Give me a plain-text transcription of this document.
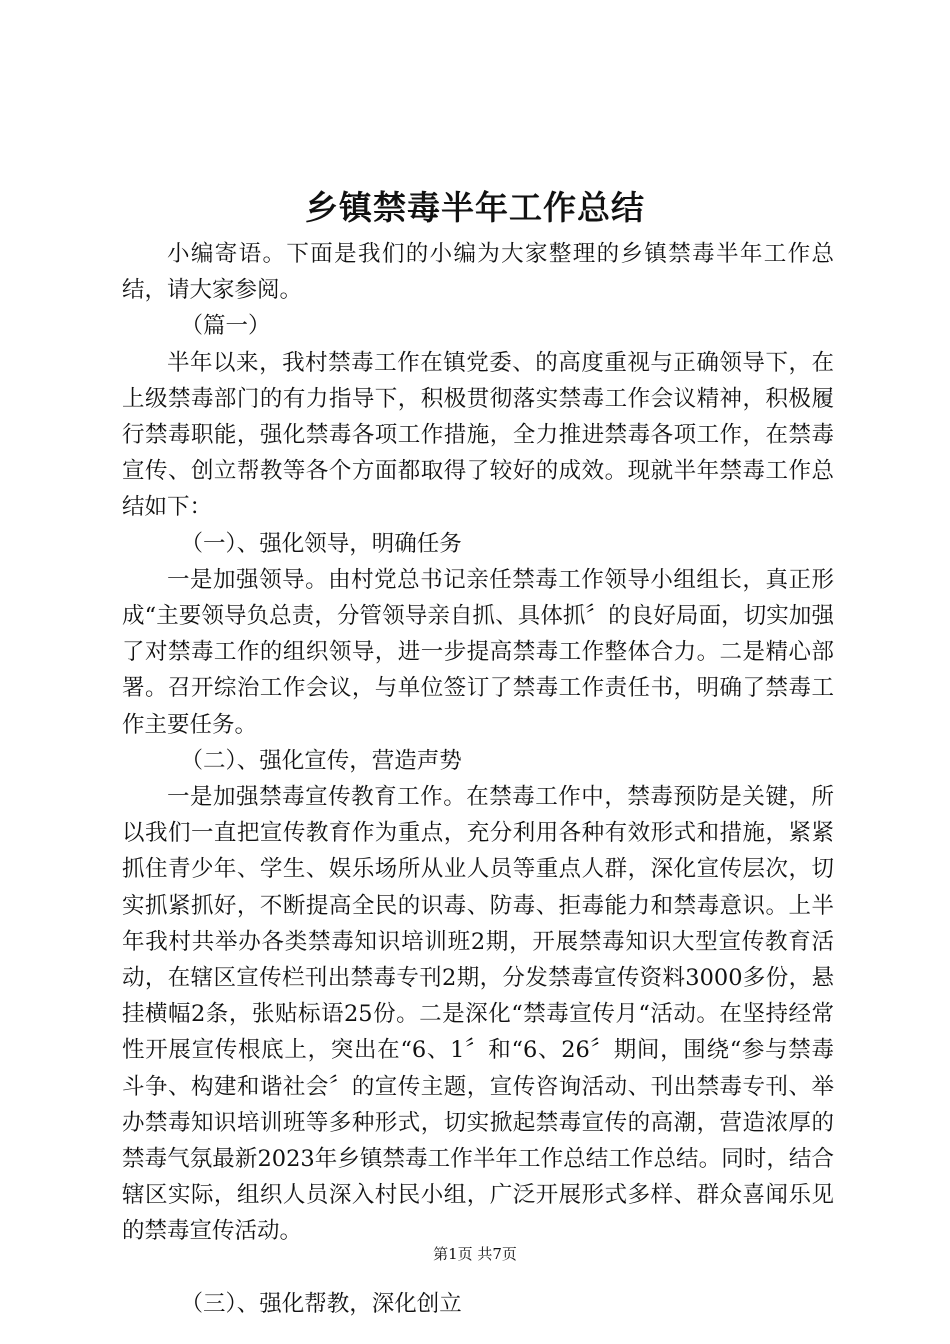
乡镇禁毒半年工作总结

小编寄语。下面是我们的小编为大家整理的乡镇禁毒半年工作总结，请大家参阅。

（篇一）

半年以来，我村禁毒工作在镇党委、的高度重视与正确领导下，在上级禁毒部门的有力指导下，积极贯彻落实禁毒工作会议精神，积极履行禁毒职能，强化禁毒各项工作措施，全力推进禁毒各项工作，在禁毒宣传、创立帮教等各个方面都取得了较好的成效。现就半年禁毒工作总结如下：

（一）、强化领导，明确任务

一是加强领导。由村党总书记亲任禁毒工作领导小组组长，真正形成“主要领导负总责，分管领导亲自抓、具体抓〞的良好局面，切实加强了对禁毒工作的组织领导，进一步提高禁毒工作整体合力。二是精心部署。召开综治工作会议，与单位签订了禁毒工作责任书，明确了禁毒工作主要任务。

（二）、强化宣传，营造声势

一是加强禁毒宣传教育工作。在禁毒工作中，禁毒预防是关键，所以我们一直把宣传教育作为重点，充分利用各种有效形式和措施，紧紧抓住青少年、学生、娱乐场所从业人员等重点人群，深化宣传层次，切实抓紧抓好，不断提高全民的识毒、防毒、拒毒能力和禁毒意识。上半年我村共举办各类禁毒知识培训班2期，开展禁毒知识大型宣传教育活动，在辖区宣传栏刊出禁毒专刊2期，分发禁毒宣传资料3000多份，悬挂横幅2条，张贴标语25份。二是深化“禁毒宣传月“活动。在坚持经常性开展宣传根底上，突出在“6、1〞和“6、26〞期间，围绕“参与禁毒斗争、构建和谐社会〞的宣传主题，宣传咨询活动、刊出禁毒专刊、举办禁毒知识培训班等多种形式，切实掀起禁毒宣传的高潮，营造浓厚的禁毒气氛最新2023年乡镇禁毒工作半年工作总结工作总结。同时，结合辖区实际，组织人员深入村民小组，广泛开展形式多样、群众喜闻乐见的禁毒宣传活动。

（三）、强化帮教，深化创立

第1页 共7页
